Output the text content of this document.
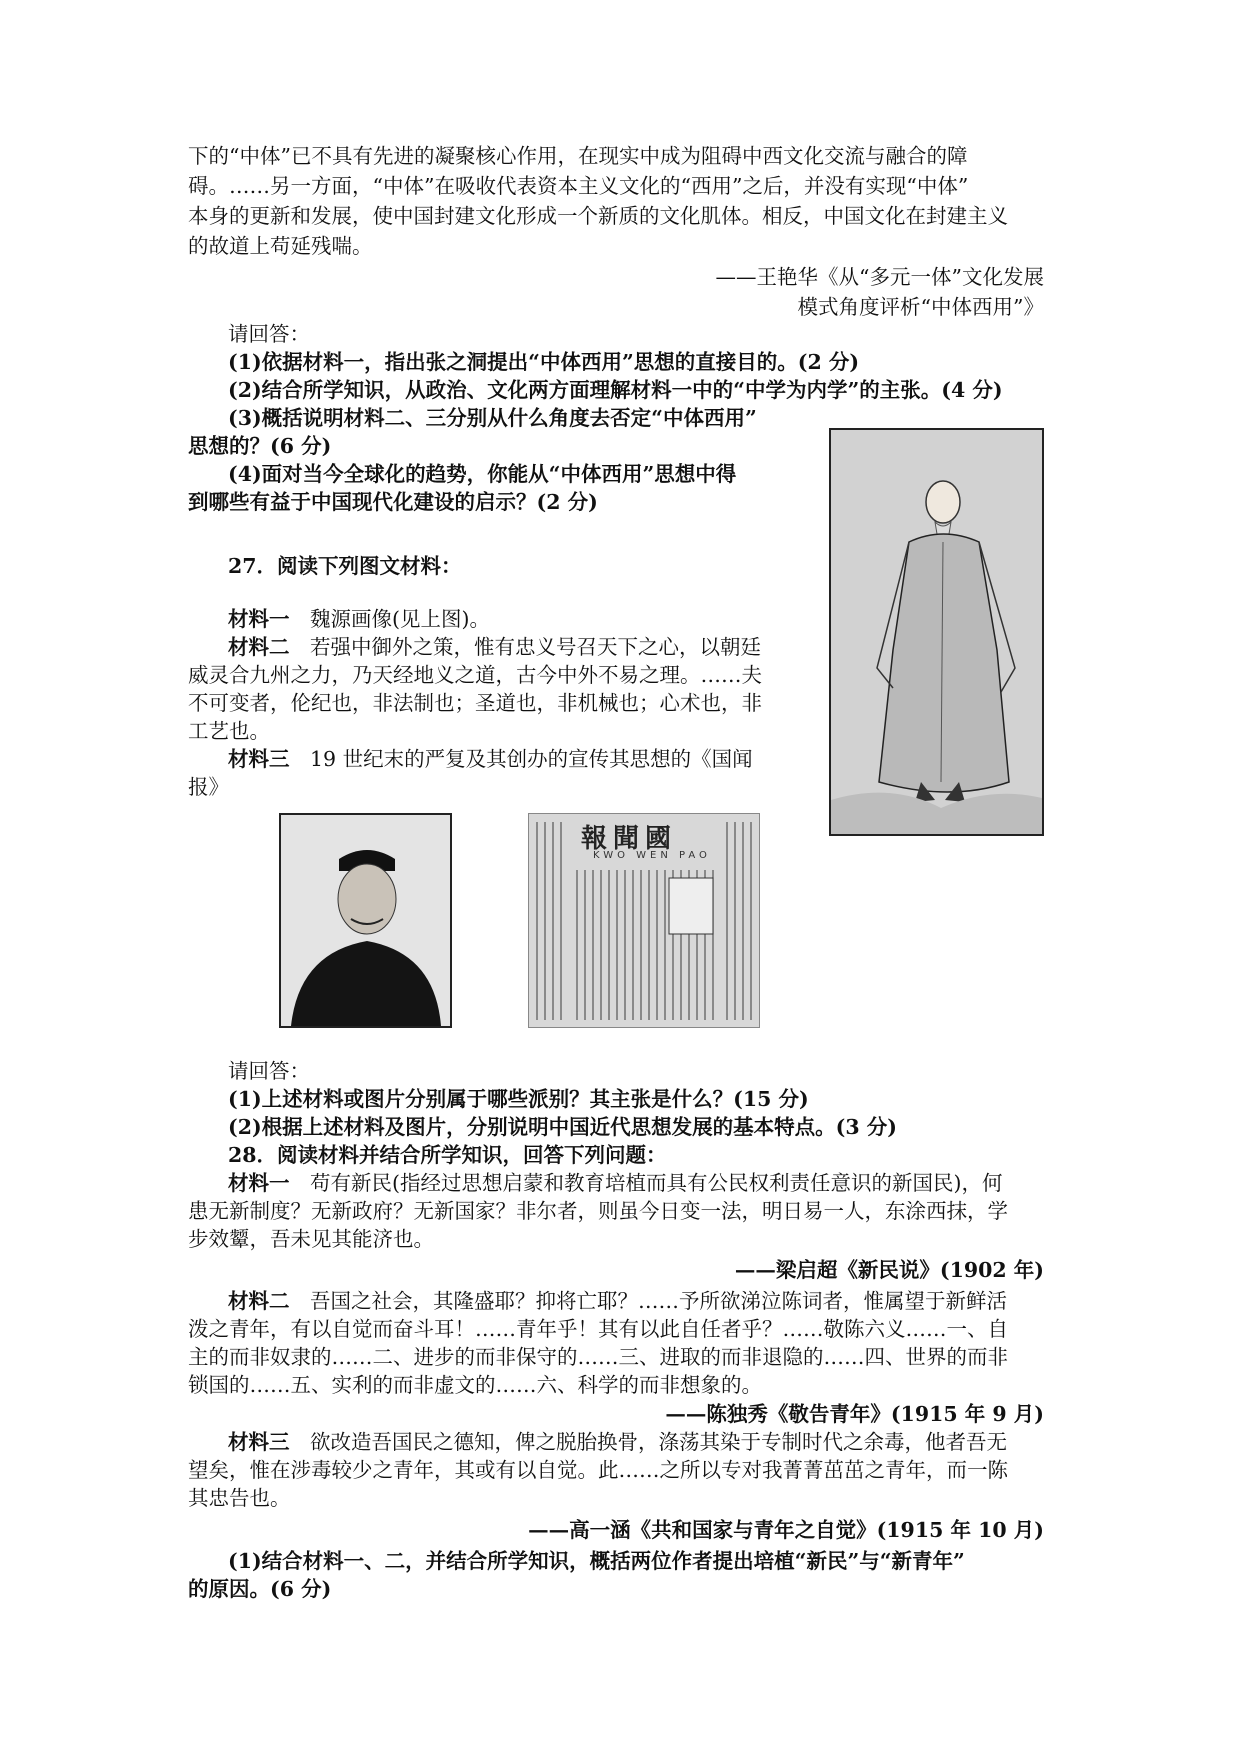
下的“中体”已不具有先进的凝聚核心作用，在现实中成为阻碍中西文化交流与融合的障
碍。……另一方面，“中体”在吸收代表资本主义文化的“西用”之后，并没有实现“中体”
本身的更新和发展，使中国封建文化形成一个新质的文化肌体。相反，中国文化在封建主义
的故道上苟延残喘。
——王艳华《从“多元一体”文化发展
模式角度评析“中体西用”》
请回答：
(1)依据材料一，指出张之洞提出“中体西用”思想的直接目的。(2 分)
(2)结合所学知识，从政治、文化两方面理解材料一中的“中学为内学”的主张。(4 分)
(3)概括说明材料二、三分别从什么角度去否定“中体西用”
思想的？(6 分)
(4)面对当今全球化的趋势，你能从“中体西用”思想中得
到哪些有益于中国现代化建设的启示？(2 分)
27．阅读下列图文材料：
材料一　 魏源画像(见上图)。
材料二　 若强中御外之策，惟有忠义号召天下之心，以朝廷
威灵合九州之力，乃天经地义之道，古今中外不易之理。……夫
不可变者，伦纪也，非法制也；圣道也，非机械也；心术也，非
工艺也。
材料三　 19 世纪末的严复及其创办的宣传其思想的《国闻
报》
報聞國
KWO WEN PAO
请回答：
(1)上述材料或图片分别属于哪些派别？其主张是什么？(15 分)
(2)根据上述材料及图片，分别说明中国近代思想发展的基本特点。(3 分)
28．阅读材料并结合所学知识，回答下列问题：
材料一　 苟有新民(指经过思想启蒙和教育培植而具有公民权利责任意识的新国民)，何
患无新制度？无新政府？无新国家？非尔者，则虽今日变一法，明日易一人，东涂西抹，学
步效颦，吾未见其能济也。
——梁启超《新民说》(1902 年)
材料二　 吾国之社会，其隆盛耶？抑将亡耶？……予所欲涕泣陈词者，惟属望于新鲜活
泼之青年，有以自觉而奋斗耳！……青年乎！其有以此自任者乎？……敬陈六义……一、自
主的而非奴隶的……二、进步的而非保守的……三、进取的而非退隐的……四、世界的而非
锁国的……五、实利的而非虚文的……六、科学的而非想象的。
——陈独秀《敬告青年》(1915 年 9 月)
材料三　 欲改造吾国民之德知，俾之脱胎换骨，涤荡其染于专制时代之余毒，他者吾无
望矣，惟在涉毒较少之青年，其或有以自觉。此……之所以专对我菁菁茁茁之青年，而一陈
其忠告也。
——高一涵《共和国家与青年之自觉》(1915 年 10 月)
(1)结合材料一、二，并结合所学知识，概括两位作者提出培植“新民”与“新青年”
的原因。(6 分)
